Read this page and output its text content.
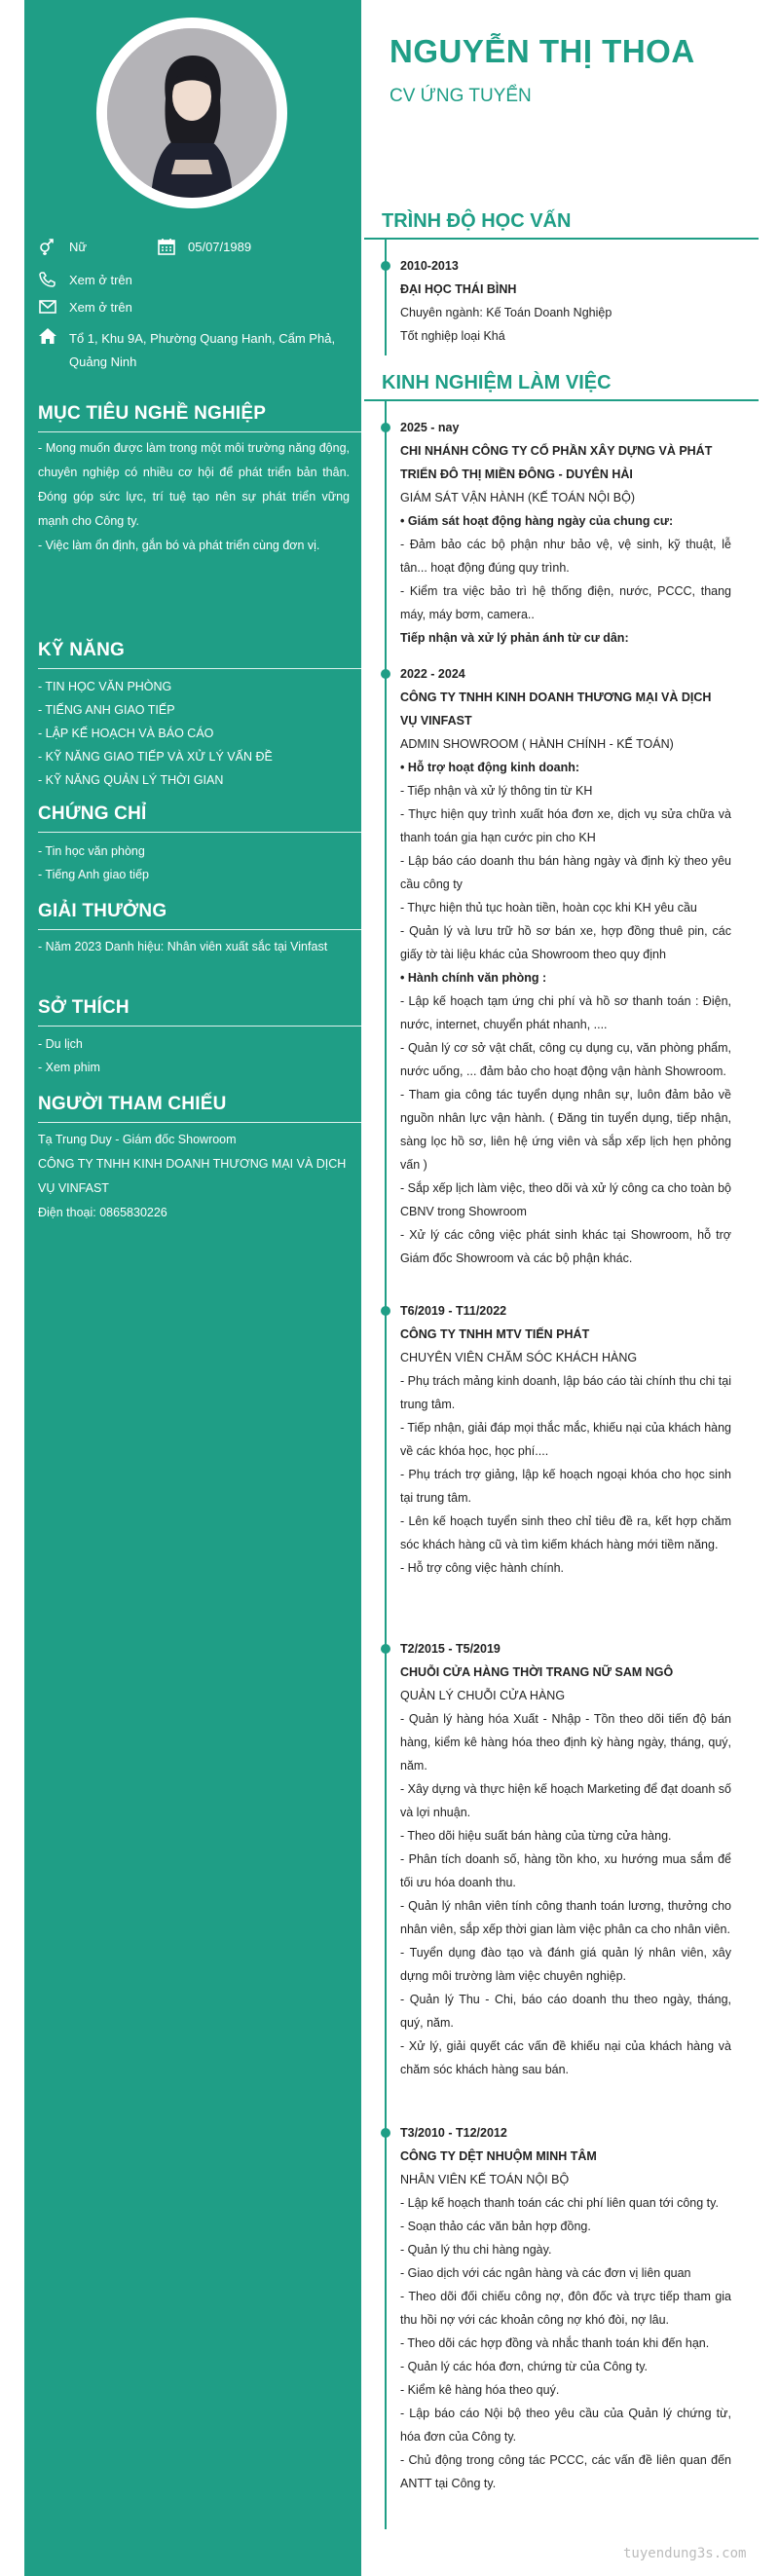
Nữ	05/07/1989
Xem ở trên
Xem ở trên
Tổ 1, Khu 9A, Phường Quang Hanh, Cẩm Phả, Quảng Ninh
MỤC TIÊU NGHỀ NGHIỆP
- Mong muốn được làm trong một môi trường năng động, chuyên nghiệp có nhiều cơ hội để phát triển bản thân. Đóng góp sức lực, trí tuệ tạo nên sự phát triển vững mạnh cho Công ty.
- Việc làm ổn định, gắn bó và phát triển cùng đơn vị.
KỸ NĂNG
- TIN HỌC VĂN PHÒNG
- TIẾNG ANH GIAO TIẾP
- LẬP KẾ HOẠCH VÀ BÁO CÁO
- KỸ NĂNG GIAO TIẾP VÀ XỬ LÝ VẤN ĐỀ
- KỸ NĂNG QUẢN LÝ THỜI GIAN
CHỨNG CHỈ
- Tin học văn phòng
- Tiếng Anh giao tiếp
GIẢI THƯỞNG
- Năm 2023 Danh hiệu: Nhân viên xuất sắc tại Vinfast
SỞ THÍCH
- Du lịch
- Xem phim
NGƯỜI THAM CHIẾU
Tạ Trung Duy - Giám đốc Showroom
CÔNG TY TNHH KINH DOANH THƯƠNG MẠI VÀ DỊCH VỤ VINFAST
Điện thoại: 0865830226
NGUYỄN THỊ THOA
CV ỨNG TUYỂN
TRÌNH ĐỘ HỌC VẤN
2010-2013
ĐẠI HỌC THÁI BÌNH

Chuyên ngành: Kế Toán Doanh Nghiệp

Tốt nghiệp loại Khá

KINH NGHIỆM LÀM VIỆC
2025 - nay
CHI NHÁNH CÔNG TY CỔ PHẦN XÂY DỰNG VÀ PHÁT TRIỂN ĐÔ THỊ MIỀN ĐÔNG - DUYÊN HẢI
GIÁM SÁT VẬN HÀNH (KẾ TOÁN NỘI BỘ)

• Giám sát hoạt động hàng ngày của chung cư:

- Đảm bảo các bộ phận như bảo vệ, vệ sinh, kỹ thuật, lễ tân... hoạt động đúng quy trình.

- Kiểm tra việc bảo trì hệ thống điện, nước, PCCC, thang máy, máy bơm, camera..

Tiếp nhận và xử lý phản ánh từ cư dân:

2022 - 2024
CÔNG TY TNHH KINH DOANH THƯƠNG MẠI VÀ DỊCH VỤ VINFAST
ADMIN SHOWROOM ( HÀNH CHÍNH - KẾ TOÁN)

• Hỗ trợ hoạt động kinh doanh:

- Tiếp nhận và xử lý thông tin từ KH

- Thực hiện quy trình xuất hóa đơn xe, dịch vụ sửa chữa và thanh toán gia hạn cước pin cho KH

- Lập báo cáo doanh thu bán hàng ngày và định kỳ theo yêu cầu công ty

- Thực hiện thủ tục hoàn tiền, hoàn cọc khi KH yêu cầu

- Quản lý và lưu trữ hồ sơ bán xe, hợp đồng thuê pin, các giấy tờ tài liệu khác của Showroom theo quy định

• Hành chính văn phòng :

- Lập kế hoạch tạm ứng chi phí và hồ sơ thanh toán : Điện, nước, internet, chuyển phát nhanh, ....

- Quản lý cơ sở vật chất, công cụ dụng cụ, văn phòng phẩm, nước uống, ... đảm bảo cho hoạt động vận hành Showroom.

- Tham gia công tác tuyển dụng nhân sự, luôn đảm bảo về nguồn nhân lực vận hành. ( Đăng tin tuyển dụng, tiếp nhận, sàng lọc hồ sơ, liên hệ ứng viên và sắp xếp lịch hẹn phỏng vấn )

- Sắp xếp lịch làm việc, theo dõi và xử lý công ca cho toàn bộ CBNV trong Showroom

- Xử lý các công việc phát sinh khác tại Showroom, hỗ trợ Giám đốc Showroom và các bộ phận khác.

T6/2019 - T11/2022
CÔNG TY TNHH MTV TIẾN PHÁT
CHUYÊN VIÊN CHĂM SÓC KHÁCH HÀNG

- Phụ trách mảng kinh doanh, lập báo cáo tài chính thu chi tại trung tâm.

- Tiếp nhận, giải đáp mọi thắc mắc, khiếu nại của khách hàng về các khóa học, học phí....

- Phụ trách trợ giảng, lập kế hoạch ngoại khóa cho học sinh tại trung tâm.

- Lên kế hoạch tuyển sinh theo chỉ tiêu đề ra, kết hợp chăm sóc khách hàng cũ và tìm kiếm khách hàng mới tiềm năng.

- Hỗ trợ công việc hành chính.

T2/2015 - T5/2019
CHUỖI CỬA HÀNG THỜI TRANG NỮ SAM NGÔ
QUẢN LÝ CHUỖI CỬA HÀNG

- Quản lý hàng hóa Xuất - Nhập - Tồn theo dõi tiến độ bán hàng, kiểm kê hàng hóa theo định kỳ hàng ngày, tháng, quý, năm.

- Xây dựng và thực hiện kế hoạch Marketing để đạt doanh số và lợi nhuận.

- Theo dõi hiệu suất bán hàng của từng cửa hàng.

- Phân tích doanh số, hàng tồn kho, xu hướng mua sắm để tối ưu hóa doanh thu.

- Quản lý nhân viên tính công thanh toán lương, thưởng cho nhân viên, sắp xếp thời gian làm việc phân ca cho nhân viên.

- Tuyển dụng đào tạo và đánh giá quản lý nhân viên, xây dựng môi trường làm việc chuyên nghiệp.

- Quản lý Thu - Chi, báo cáo doanh thu theo ngày, tháng, quý, năm.

- Xử lý, giải quyết các vấn đề khiếu nại của khách hàng và chăm sóc khách hàng sau bán.

T3/2010 - T12/2012
CÔNG TY DỆT NHUỘM MINH TÂM
NHÂN VIÊN KẾ TOÁN NỘI BỘ

- Lập kế hoạch thanh toán các chi phí liên quan tới công ty.

- Soạn thảo các văn bản hợp đồng.

- Quản lý thu chi hàng ngày.

- Giao dịch với các ngân hàng và các đơn vị liên quan

- Theo dõi đối chiếu công nợ, đôn đốc và trực tiếp tham gia thu hồi nợ với các khoản công nợ khó đòi, nợ lâu.

- Theo dõi các hợp đồng và nhắc thanh toán khi đến hạn.

- Quản lý các hóa đơn, chứng từ của Công ty.

- Kiểm kê hàng hóa theo quý.

- Lập báo cáo Nội bộ theo yêu cầu của Quản lý chứng từ, hóa đơn của Công ty.

- Chủ động trong công tác PCCC, các vấn đề liên quan đến ANTT tại Công ty.

tuyendung3s.com
